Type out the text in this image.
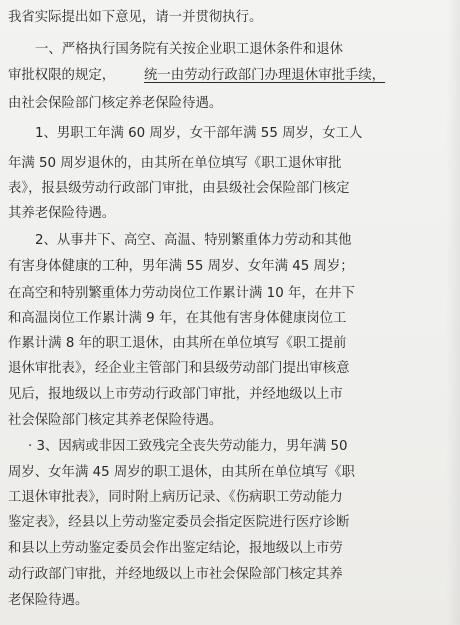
我省实际提出如下意见，请一并贯彻执行。
一、严格执行国务院有关按企业职工退休条件和退休
审批权限的规定， 统一由劳动行政部门办理退休审批手续，
由社会保险部门核定养老保险待遇。
1、男职工年满 60 周岁，女干部年满 55 周岁，女工人
年满 50 周岁退休的，由其所在单位填写《职工退休审批
表》，报县级劳动行政部门审批，由县级社会保险部门核定
其养老保险待遇。
2、从事井下、高空、高温、特别繁重体力劳动和其他
有害身体健康的工种，男年满 55 周岁、女年满 45 周岁；
在高空和特别繁重体力劳动岗位工作累计满 10 年，在井下
和高温岗位工作累计满 9 年，在其他有害身体健康岗位工
作累计满 8 年的职工退休，由其所在单位填写《职工提前
退休审批表》，经企业主管部门和县级劳动部门提出审核意
见后，报地级以上市劳动行政部门审批，并经地级以上市
社会保险部门核定其养老保险待遇。
· 3、因病或非因工致残完全丧失劳动能力，男年满 50
周岁、女年满 45 周岁的职工退休，由其所在单位填写《职
工退休审批表》，同时附上病历记录、《伤病职工劳动能力
鉴定表》，经县以上劳动鉴定委员会指定医院进行医疗诊断
和县以上劳动鉴定委员会作出鉴定结论，报地级以上市劳
动行政部门审批，并经地级以上市社会保险部门核定其养
老保险待遇。
